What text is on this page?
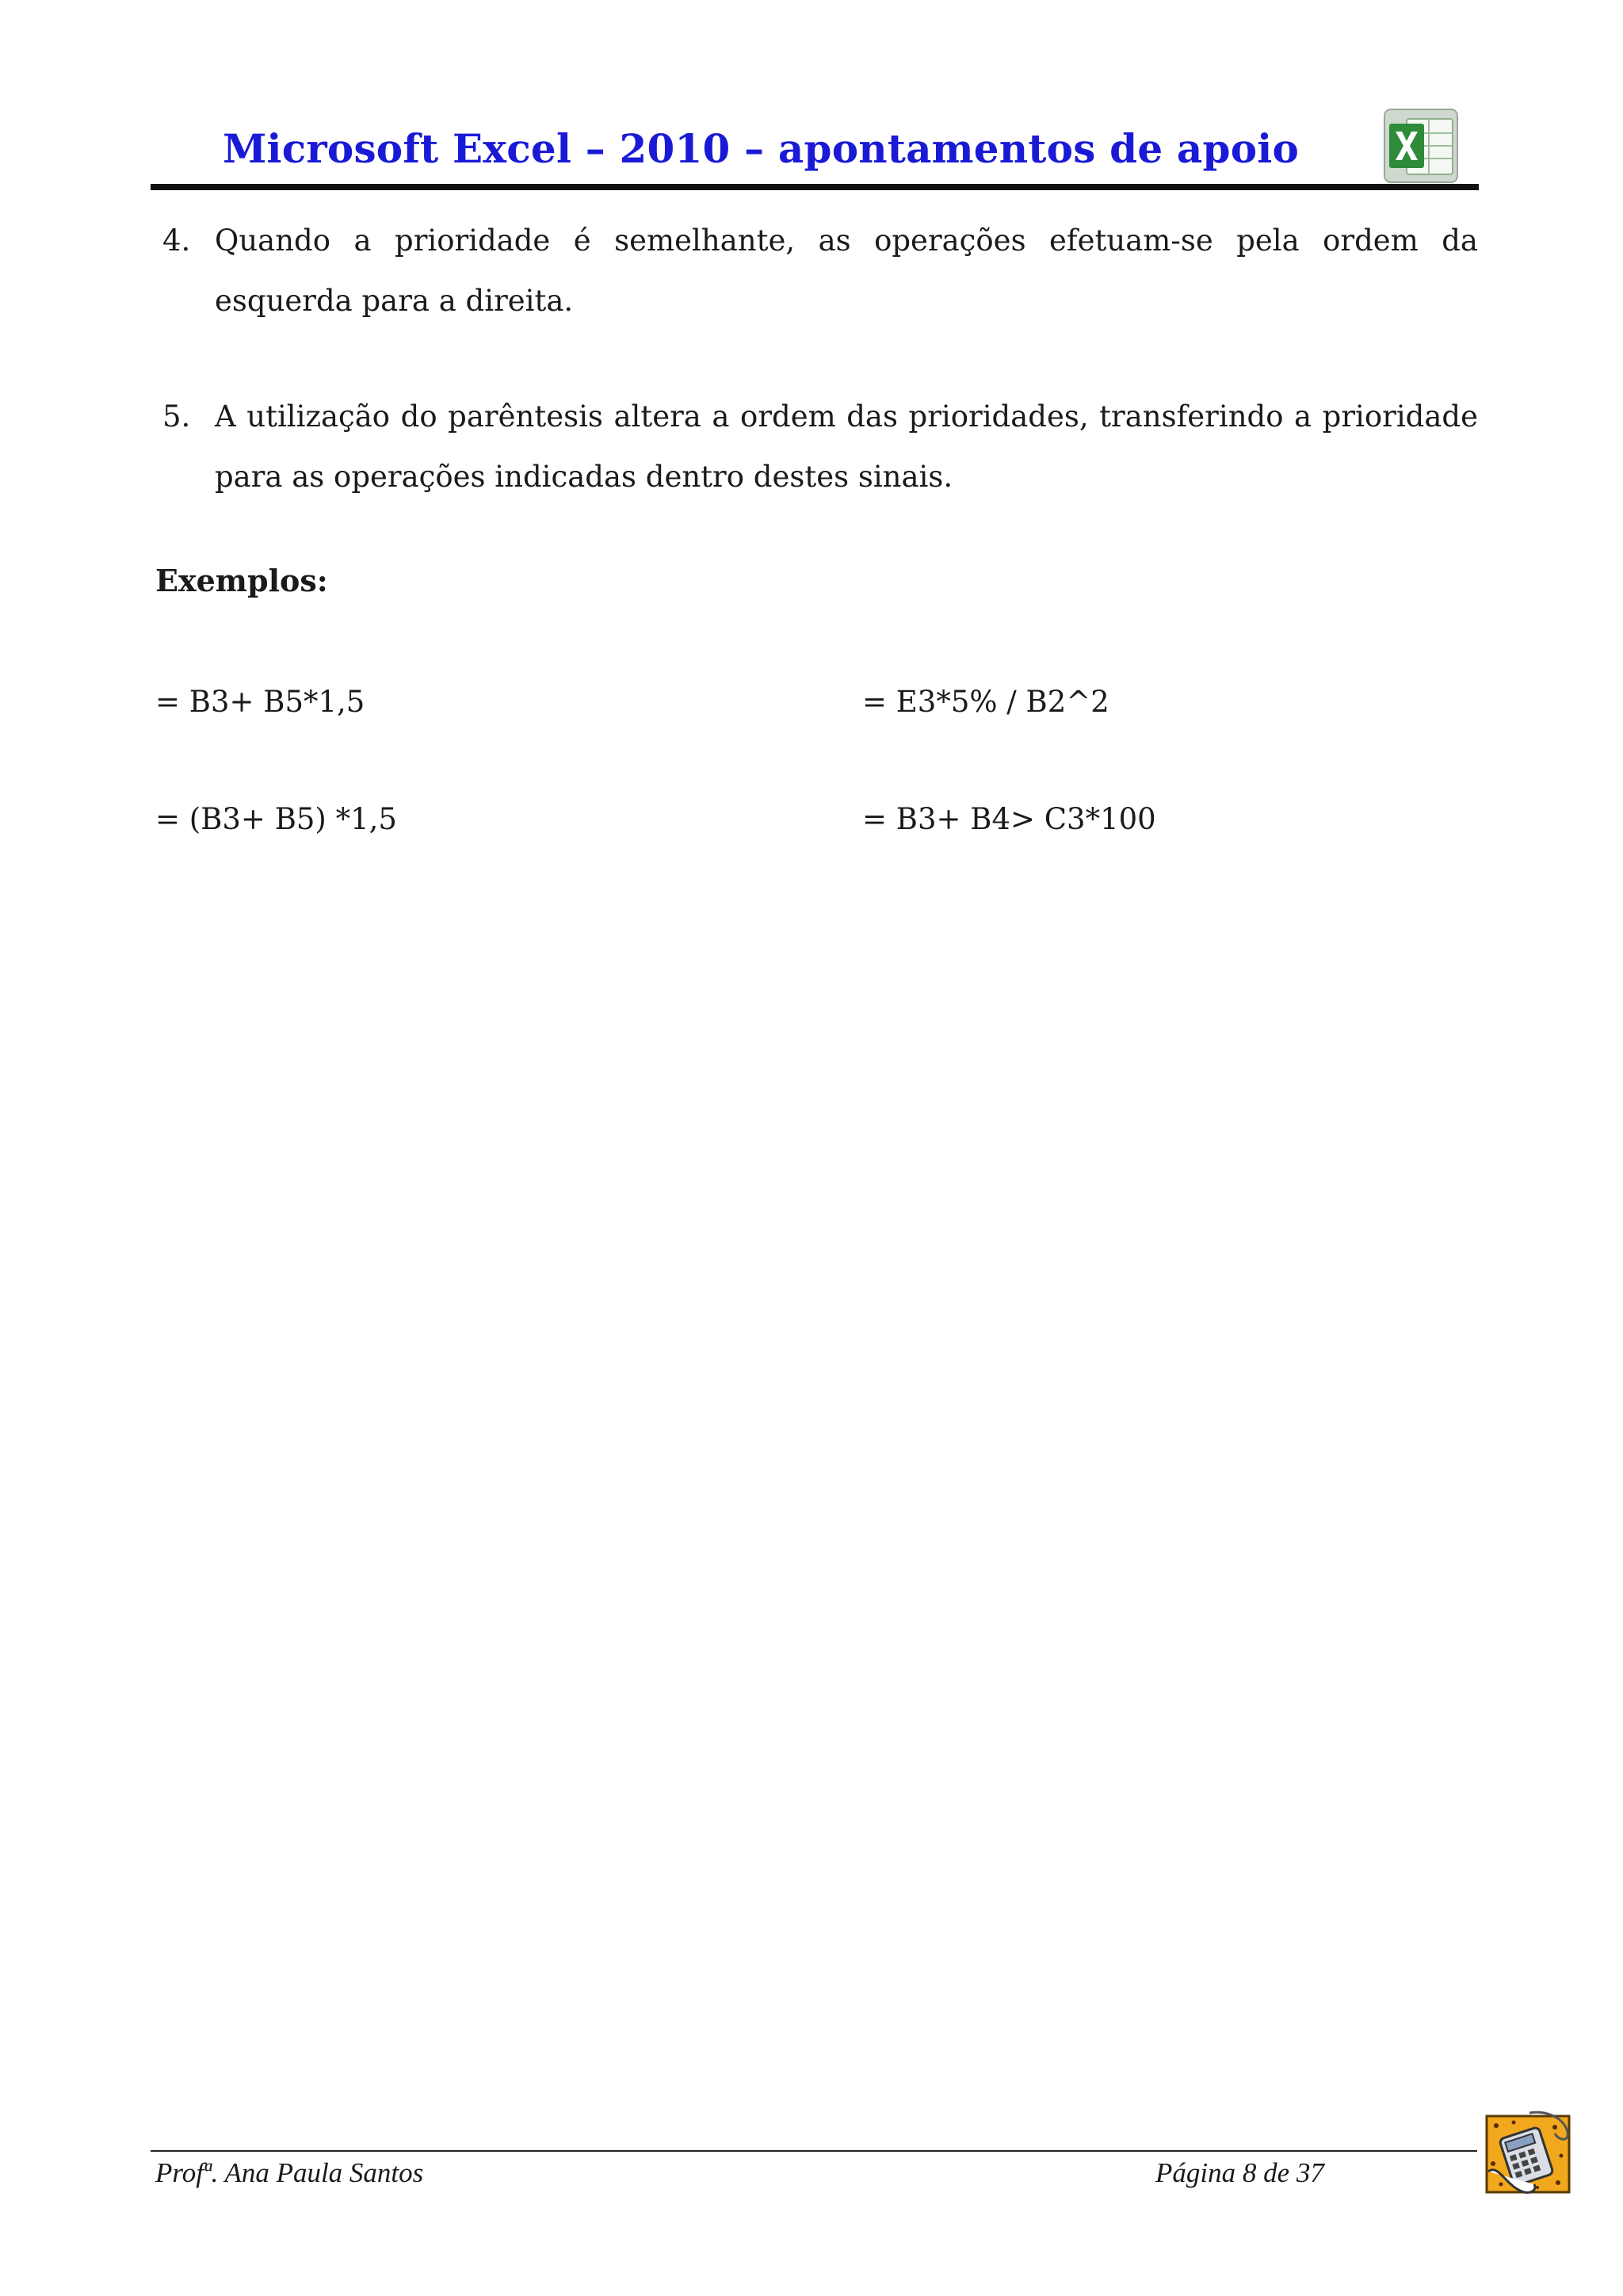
Microsoft Excel – 2010 – apontamentos de apoio
4. Quando a prioridade é semelhante, as operações efetuam-se pela ordem da esquerda para a direita.
5. A utilização do parêntesis altera a ordem das prioridades, transferindo a prioridade para as operações indicadas dentro destes sinais.
Exemplos:
= B3+ B5*1,5	= E3*5% / B2^2
= (B3+ B5) *1,5	= B3+ B4> C3*100
Profª. Ana Paula Santos	Página 8 de 37
